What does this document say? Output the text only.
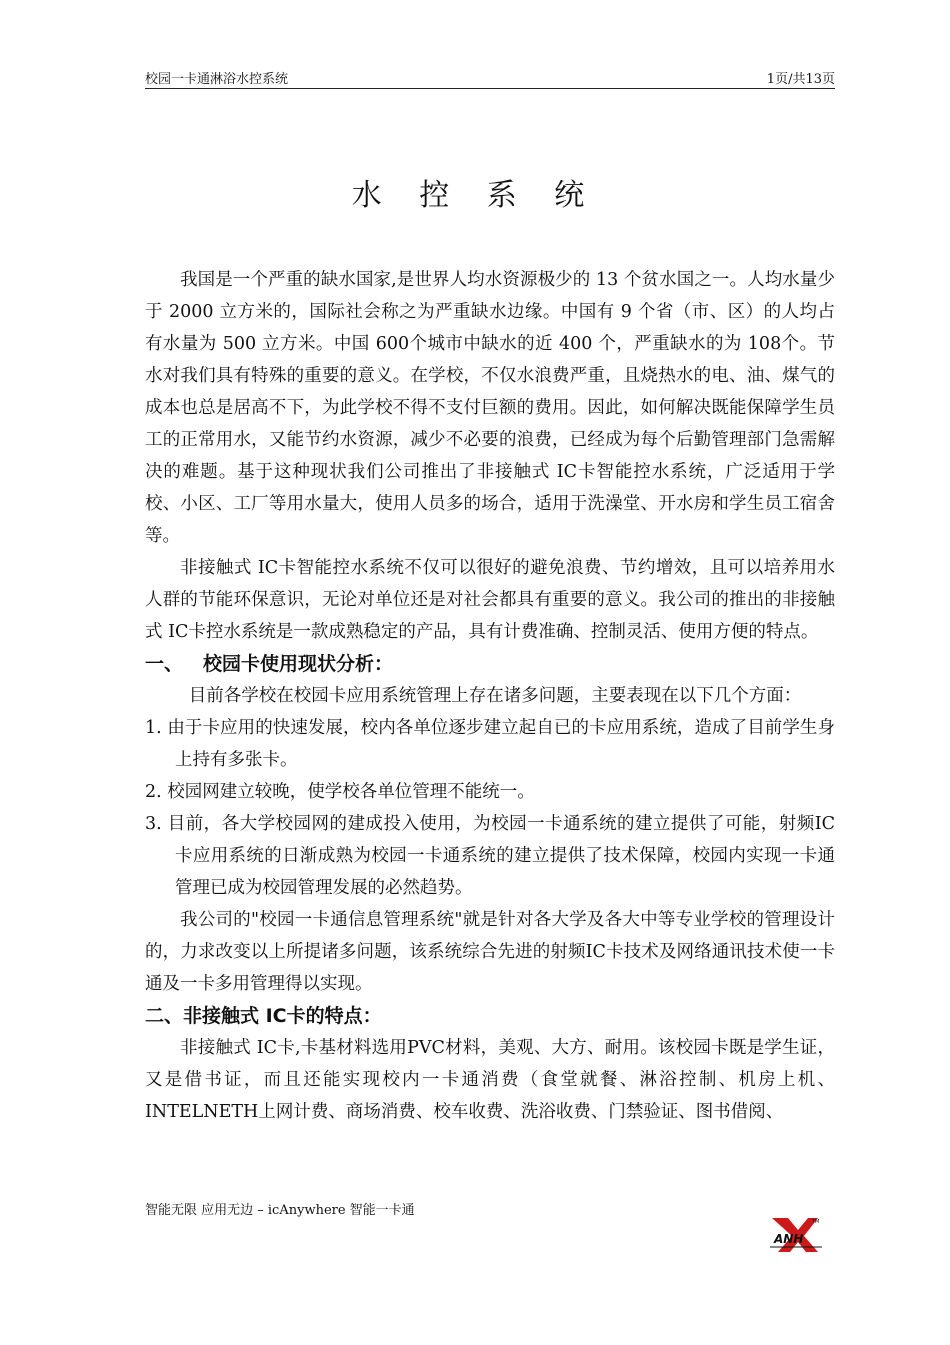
校园一卡通淋浴水控系统	1页/共13页
水 控 系 统

我国是一个严重的缺水国家,是世界人均水资源极少的 13 个贫水国之一。人均水量少于 2000 立方米的，国际社会称之为严重缺水边缘。中国有 9 个省（市、区）的人均占有水量为 500 立方米。中国 600个城市中缺水的近 400 个，严重缺水的为 108个。节水对我们具有特殊的重要的意义。在学校，不仅水浪费严重，且烧热水的电、油、煤气的成本也总是居高不下，为此学校不得不支付巨额的费用。因此，如何解决既能保障学生员工的正常用水，又能节约水资源，减少不必要的浪费，已经成为每个后勤管理部门急需解决的难题。基于这种现状我们公司推出了非接触式 IC卡智能控水系统，广泛适用于学校、小区、工厂等用水量大，使用人员多的场合，适用于洗澡堂、开水房和学生员工宿舍等。

非接触式 IC卡智能控水系统不仅可以很好的避免浪费、节约增效，且可以培养用水人群的节能环保意识，无论对单位还是对社会都具有重要的意义。我公司的推出的非接触式 IC卡控水系统是一款成熟稳定的产品，具有计费准确、控制灵活、使用方便的特点。

一、 校园卡使用现状分析：

目前各学校在校园卡应用系统管理上存在诸多问题，主要表现在以下几个方面：

1. 由于卡应用的快速发展，校内各单位逐步建立起自已的卡应用系统，造成了目前学生身上持有多张卡。
2. 校园网建立较晚，使学校各单位管理不能统一。
3. 目前，各大学校园网的建成投入使用，为校园一卡通系统的建立提供了可能，射频IC卡应用系统的日渐成熟为校园一卡通系统的建立提供了技术保障，校园内实现一卡通管理已成为校园管理发展的必然趋势。

我公司的"校园一卡通信息管理系统"就是针对各大学及各大中等专业学校的管理设计的，力求改变以上所提诸多问题，该系统综合先进的射频IC卡技术及网络通讯技术使一卡通及一卡多用管理得以实现。

二、非接触式 IC卡的特点：

非接触式 IC卡,卡基材料选用PVC材料，美观、大方、耐用。该校园卡既是学生证，又是借书证，而且还能实现校内一卡通消费（食堂就餐、淋浴控制、机房上机、INTELNETH上网计费、商场消费、校车收费、洗浴收费、门禁验证、图书借阅、

智能无限 应用无边 – icAnywhere 智能一卡通
ANH
TM
